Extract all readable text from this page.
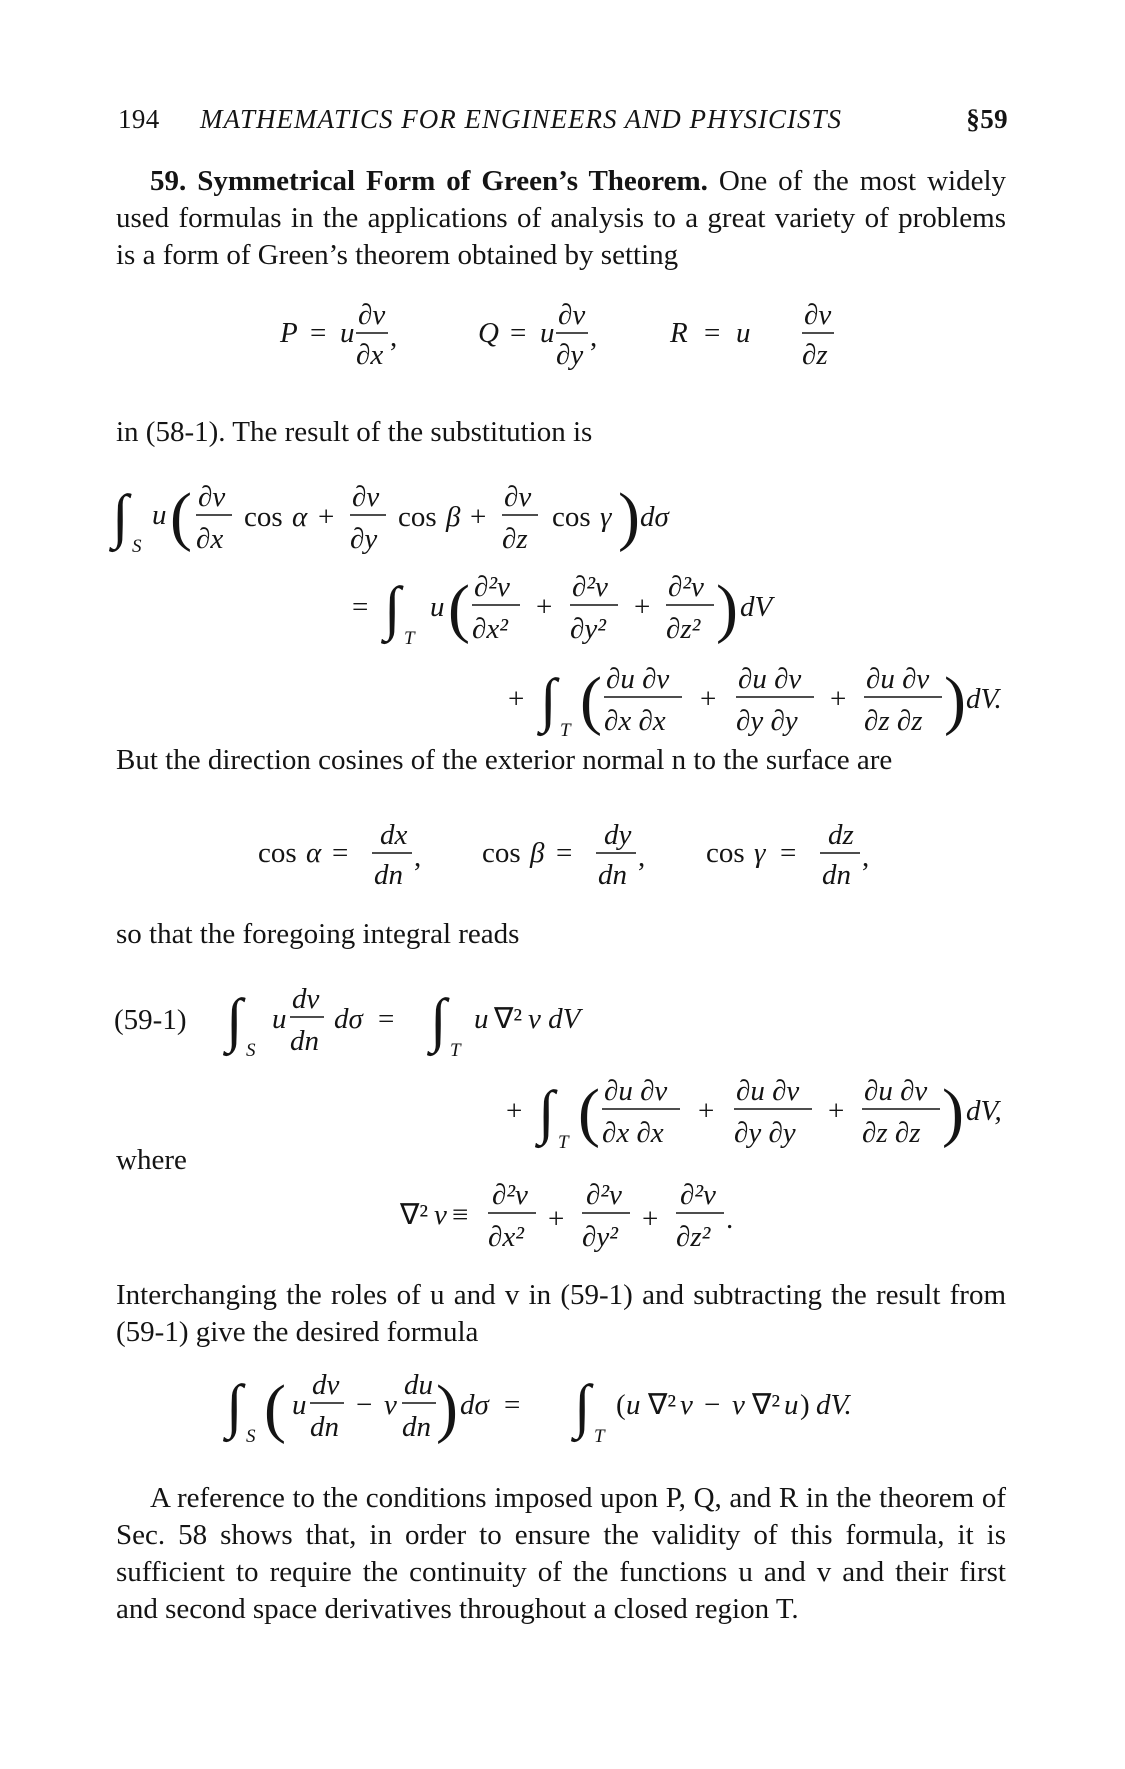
194 MATHEMATICS FOR ENGINEERS AND PHYSICISTS	§59

59. Symmetrical Form of Green’s Theorem. One of the most widely used formulas in the applications of analysis to a great variety of problems is a form of Green’s theorem obtained by setting

P = u
∂v
∂x
,	Q = u
∂v
∂y
,	R = u
∂v
∂z

in (58-1). The result of the substitution is

∫ S
u ( ∂v
∂x
cos α +
∂v
∂y
cos β +
∂v
∂z
cos γ ) dσ
= ∫ T
u ( ∂²v
∂x²
+
∂²v
∂y²
+
∂²v
∂z² ) dV
+ ∫ T ( ∂u ∂v
∂x ∂x
+
∂u ∂v
∂y ∂y
+
∂u ∂v
∂z ∂z ) dV.

But the direction cosines of the exterior normal n to the surface are

cos α =
dx
dn
, cos β =
dy
dn
, cos γ =
dz
dn
,

so that the foregoing integral reads

(59-1) ∫ S
u
dv
dn
dσ = ∫ T
u ∇² v dV
+ ∫ T ( ∂u ∂v
∂x ∂x
+
∂u ∂v
∂y ∂y
+
∂u ∂v
∂z ∂z ) dV,

where

∇² v ≡
∂²v
∂x²
+
∂²v
∂y²
+
∂²v
∂z²
.

Interchanging the roles of u and v in (59-1) and subtracting the result from (59-1) give the desired formula

∫ S ( u
dv
dn
− v
du
dn ) dσ = ∫ T
( u ∇² v − v ∇² u ) dV.

A reference to the conditions imposed upon P, Q, and R in the theorem of Sec. 58 shows that, in order to ensure the validity of this formula, it is sufficient to require the continuity of the functions u and v and their first and second space derivatives throughout a closed region T.
